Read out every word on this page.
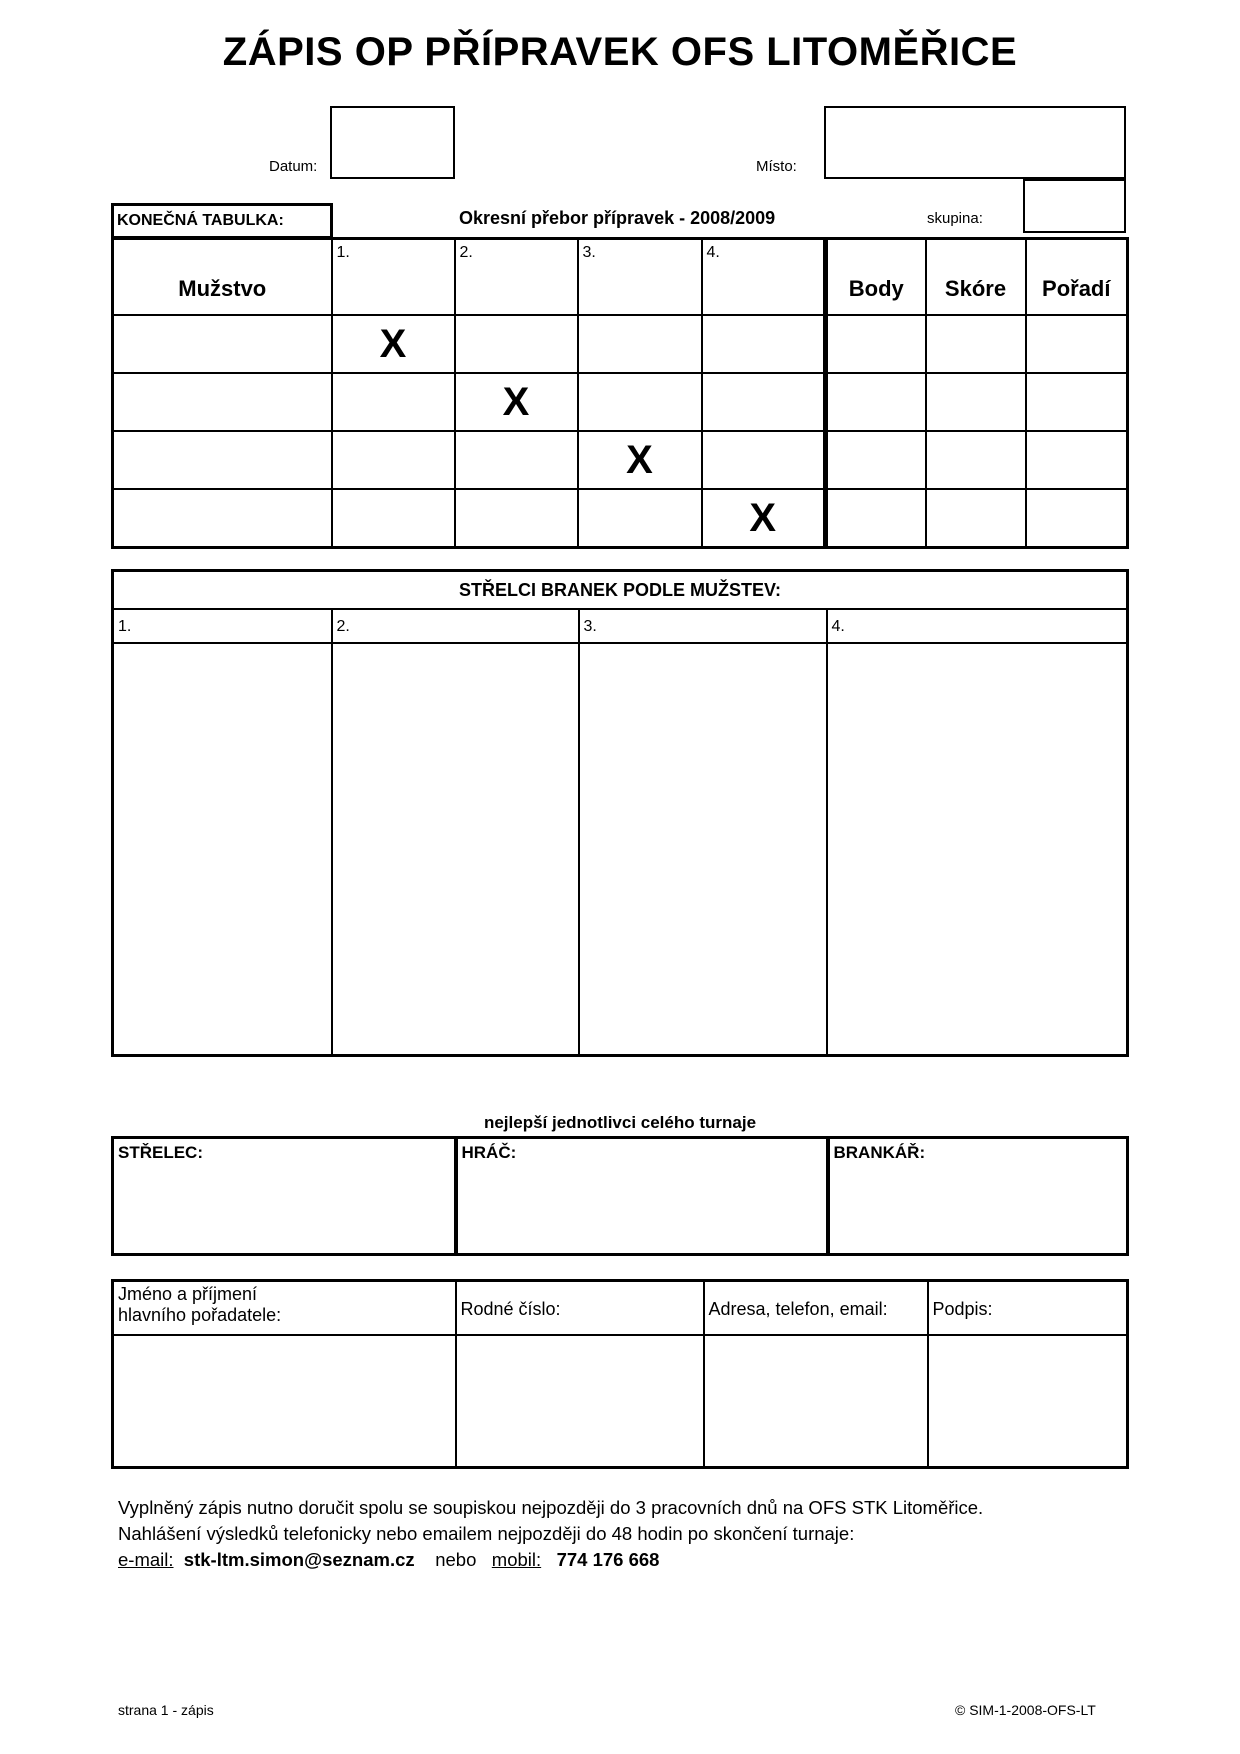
ZÁPIS OP PŘÍPRAVEK OFS LITOMĚŘICE
Datum:	Místo:
KONEČNÁ TABULKA:	Okresní přebor přípravek - 2008/2009	skupina:
Mužstvo	1.	2.	3.	4.	Body	Skóre	Pořadí

	X						

		X					

			X				

				X			

STŘELCI BRANEK PODLE MUŽSTEV:			

1.	2.	3.	4.

nejlepší jednotlivci celého turnaje
STŘELEC:	HRÁČ:	BRANKÁŘ:
Jméno a příjmení
hlavního pořadatele:	Rodné číslo:	Adresa, telefon, email:	Podpis:

Vyplněný zápis nutno doručit spolu se soupiskou nejpozději do 3 pracovních dnů na OFS STK Litoměřice.
Nahlášení výsledků telefonicky nebo emailem nejpozději do 48 hodin po skončení turnaje:
e-mail: stk-ltm.simon@seznam.cz nebo mobil: 774 176 668
strana 1 - zápis	© SIM-1-2008-OFS-LT
